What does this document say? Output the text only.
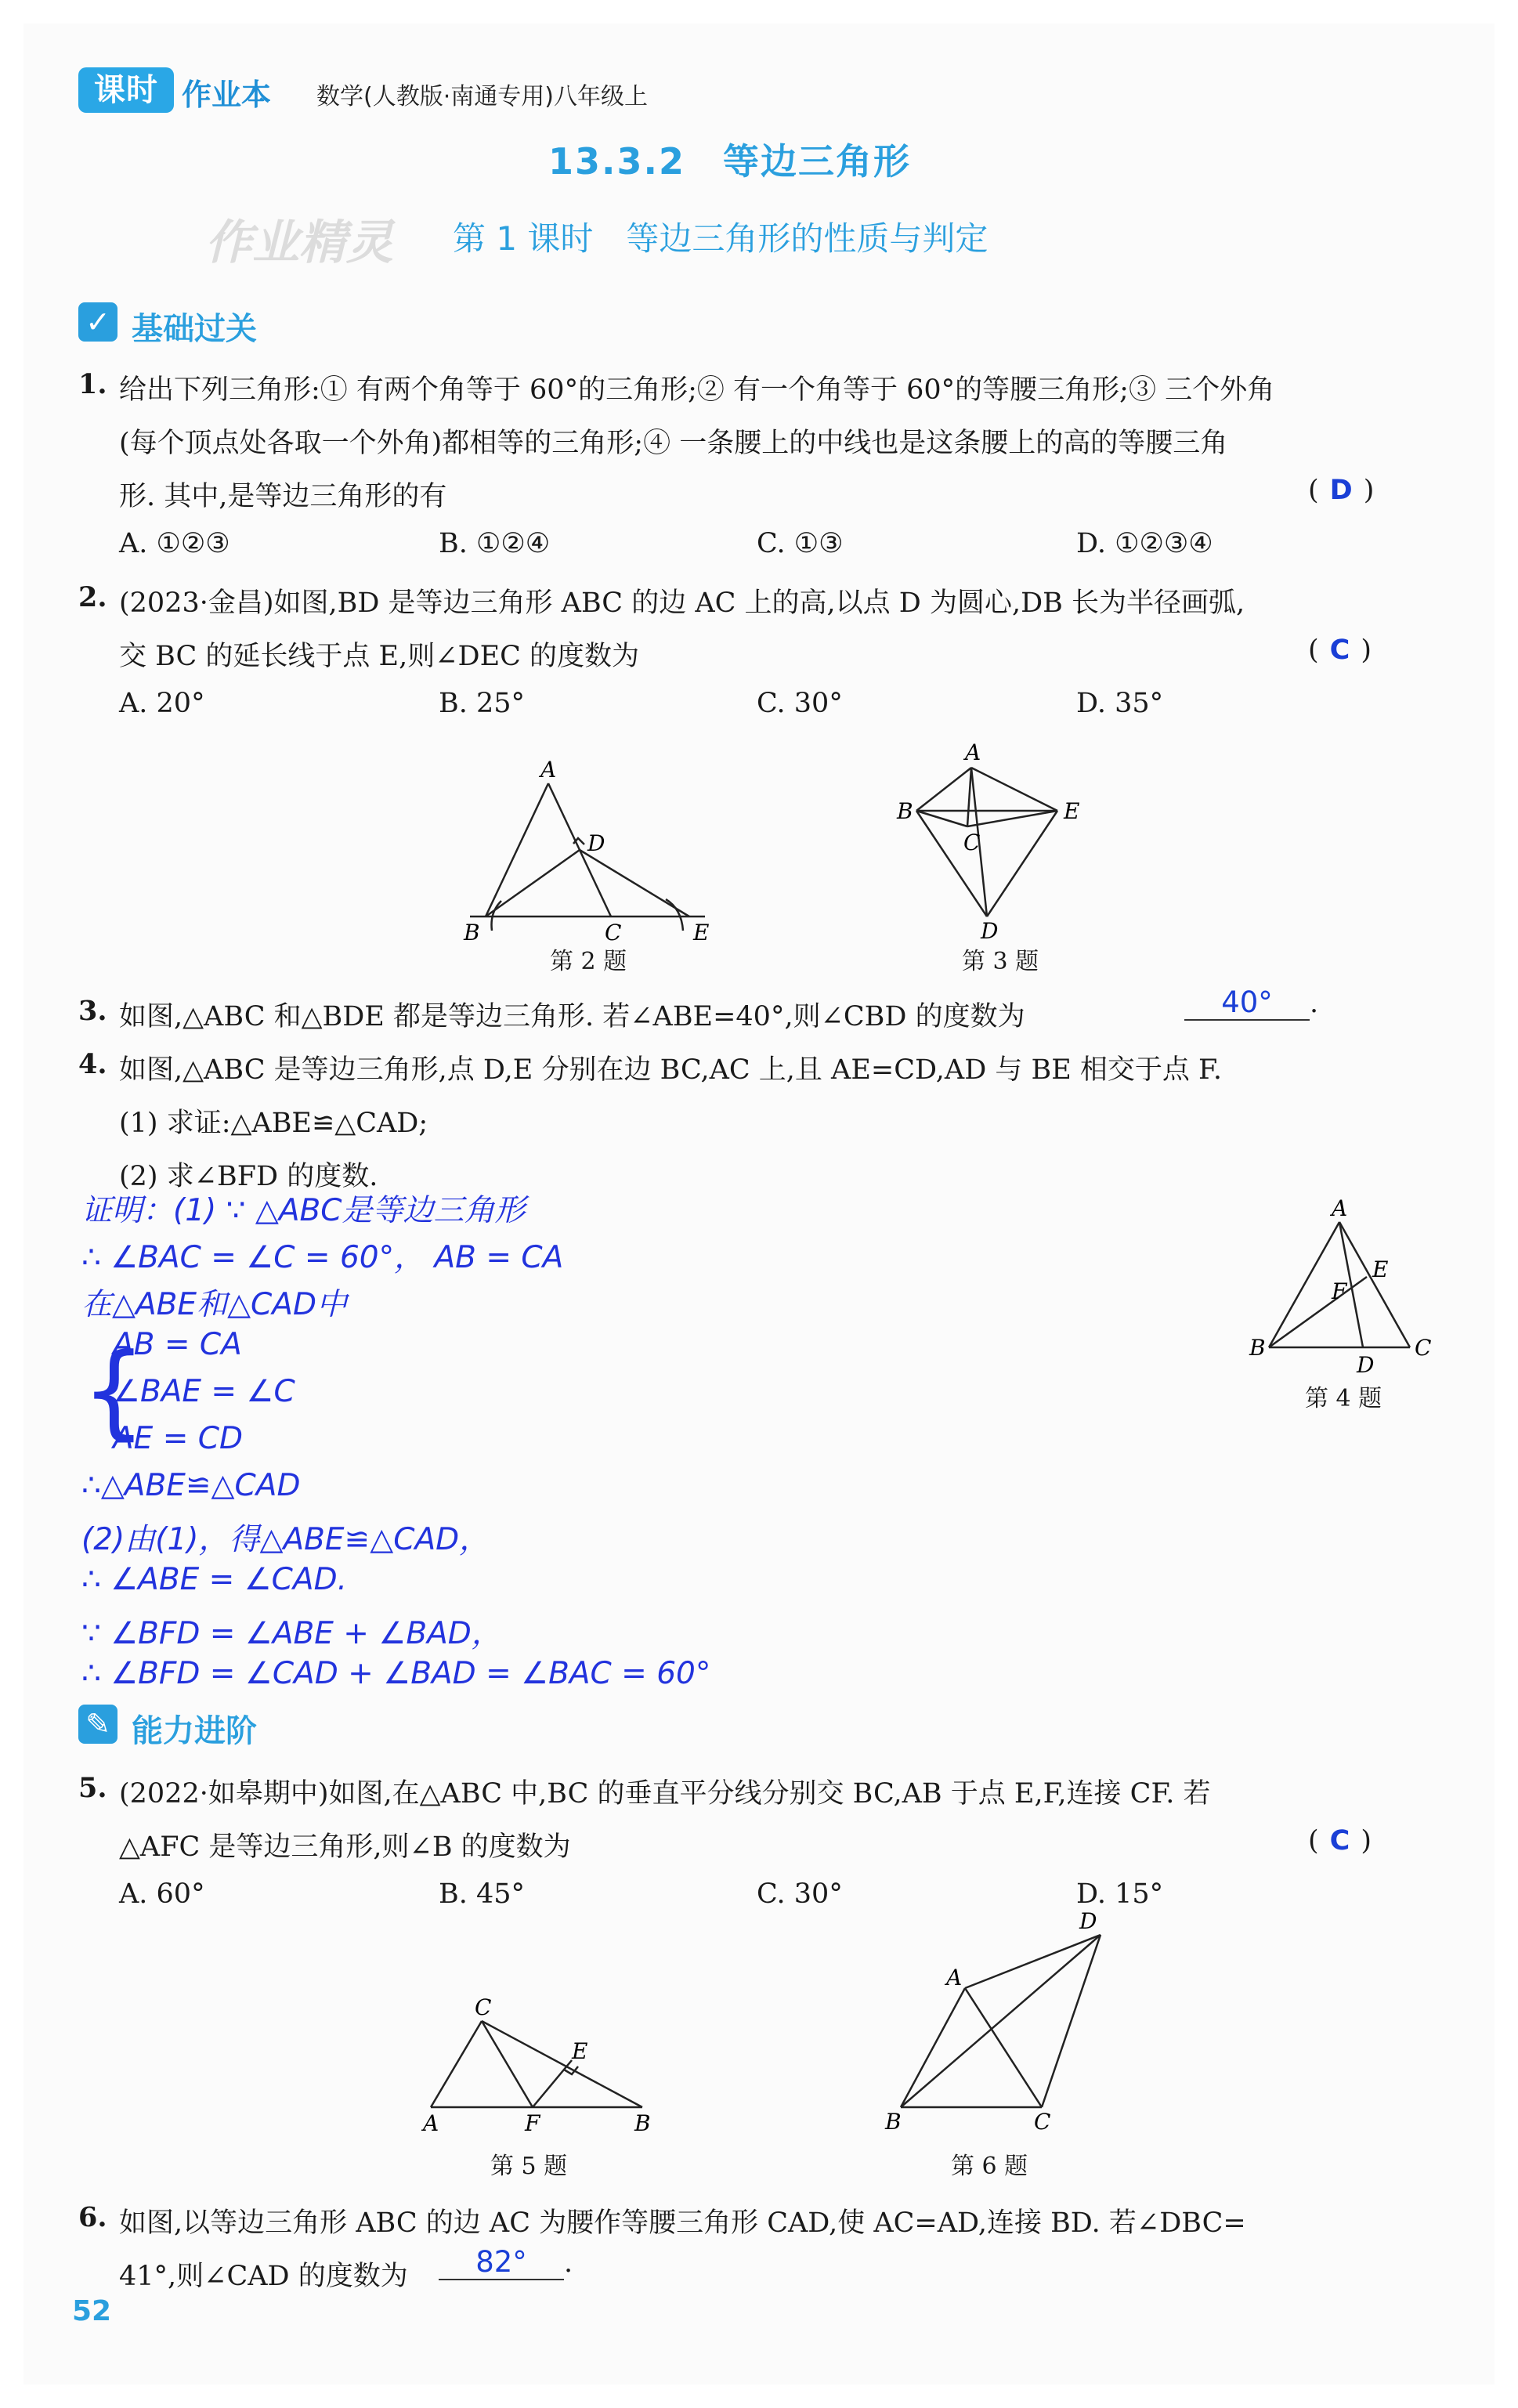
课时 作业本 数学(人教版·南通专用)八年级上
13.3.2　等边三角形
作业精灵 第 1 课时　等边三角形的性质与判定
✓ 基础过关
1. 给出下列三角形:① 有两个角等于 60°的三角形;② 有一个角等于 60°的等腰三角形;③ 三个外角
(每个顶点处各取一个外角)都相等的三角形;④ 一条腰上的中线也是这条腰上的高的等腰三角
形. 其中,是等边三角形的有	( D )
A. ①②③	B. ①②④	C. ①③	D. ①②③④
2. (2023·金昌)如图,BD 是等边三角形 ABC 的边 AC 上的高,以点 D 为圆心,DB 长为半径画弧,
交 BC 的延长线于点 E,则∠DEC 的度数为	( C )
A. 20°	B. 25°	C. 30°	D. 35°
A
D
B	C	E
第 2 题
A
B	E
C
D
第 3 题
3. 如图,△ABC 和△BDE 都是等边三角形. 若∠ABE=40°,则∠CBD 的度数为	40° .
4. 如图,△ABC 是等边三角形,点 D,E 分别在边 BC,AC 上,且 AE=CD,AD 与 BE 相交于点 F.
(1) 求证:△ABE≌△CAD;
(2) 求∠BFD 的度数.
A
E
F
B
D
C
第 4 题
证明：(1) ∵ △ABC是等边三角形
∴ ∠BAC = ∠C = 60°， AB = CA
在△ABE和△CAD中
{
AB = CA
∠BAE = ∠C
AE = CD
∴△ABE≌△CAD
(2)由(1)，得△ABE≌△CAD，
∴ ∠ABE = ∠CAD.
∵ ∠BFD = ∠ABE + ∠BAD，
∴ ∠BFD = ∠CAD + ∠BAD = ∠BAC = 60°
✎ 能力进阶
5. (2022·如皋期中)如图,在△ABC 中,BC 的垂直平分线分别交 BC,AB 于点 E,F,连接 CF. 若
△AFC 是等边三角形,则∠B 的度数为	( C )
A. 60°	B. 45°	C. 30°	D. 15°
C
E
A	F	B
第 5 题
D
A
B	C
第 6 题
6. 如图,以等边三角形 ABC 的边 AC 为腰作等腰三角形 CAD,使 AC=AD,连接 BD. 若∠DBC=
41°,则∠CAD 的度数为	82° .
52
